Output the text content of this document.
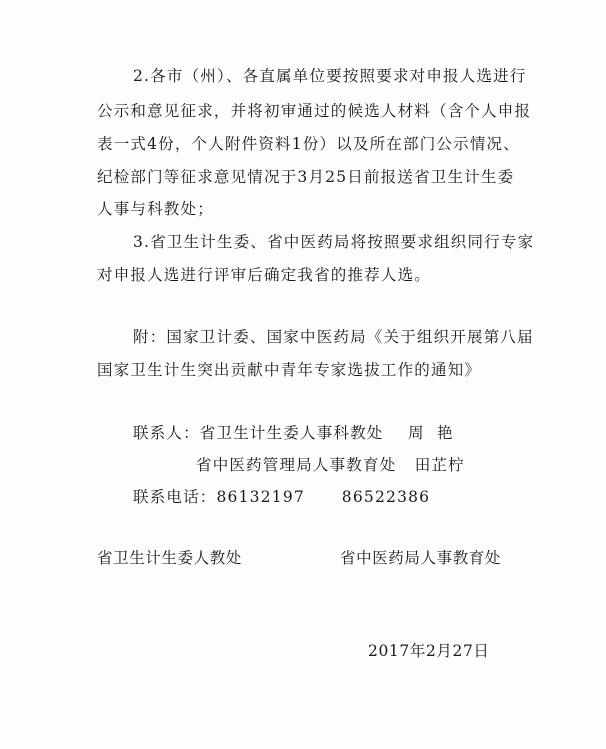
2.各市（州）、各直属单位要按照要求对申报人选进行
公示和意见征求，并将初审通过的候选人材料（含个人申报
表一式4份，个人附件资料1份）以及所在部门公示情况、
纪检部门等征求意见情况于3月25日前报送省卫生计生委
人事与科教处；
3.省卫生计生委、省中医药局将按照要求组织同行专家
对申报人选进行评审后确定我省的推荐人选。
附：国家卫计委、国家中医药局《关于组织开展第八届
国家卫生计生突出贡献中青年专家选拔工作的通知》
联系人：省卫生计生委人事科教处    周  艳
省中医药管理局人事教育处   田芷柠
联系电话：86132197      86522386
省卫生计生委人教处	省中医药局人事教育处
2017年2月27日
